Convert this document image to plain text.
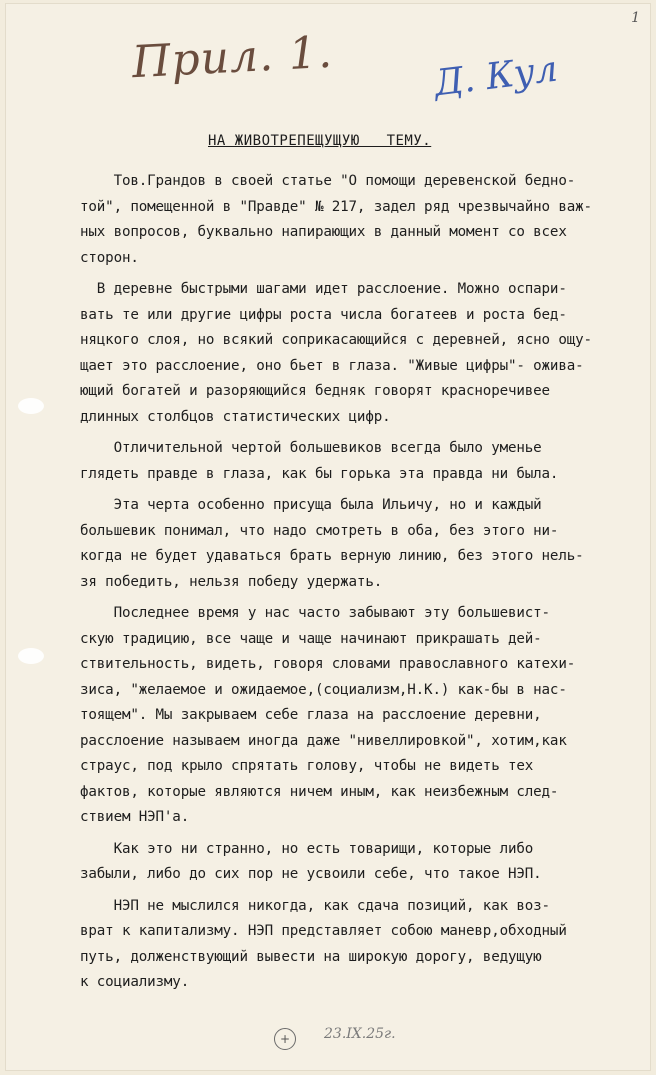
1
Прил. 1.	Д. Кул
НА ЖИВОТРЕПЕЩУЩУЮ   ТЕМУ.

Тов.Грандов в своей статье "О помощи деревенской бедно-
той", помещенной в "Правде" № 217, задел ряд чрезвычайно важ-
ных вопросов, буквально напирающих в данный момент со всех
сторон.

В деревне быстрыми шагами идет расслоение. Можно оспари-
вать те или другие цифры роста числа богатеев и роста бед-
няцкого слоя, но всякий соприкасающийся с деревней, ясно ощу-
щает это расслоение, оно бьет в глаза. "Живые цифры"- ожива-
ющий богатей и разоряющийся бедняк говорят красноречивее
длинных столбцов статистических цифр.

Отличительной чертой большевиков всегда было уменье
глядеть правде в глаза, как бы горька эта правда ни была.

Эта черта особенно присуща была Ильичу, но и каждый
большевик понимал, что надо смотреть в оба, без этого ни-
когда не будет удаваться брать верную линию, без этого нель-
зя победить, нельзя победу удержать.

Последнее время у нас часто забывают эту большевист-
скую традицию, все чаще и чаще начинают прикрашать дей-
ствительность, видеть, говоря словами православного катехи-
зиса, "желаемое и ожидаемое,(социализм,Н.К.) как-бы в нас-
тоящем". Мы закрываем себе глаза на расслоение деревни,
расслоение называем иногда даже "нивеллировкой", хотим,как
страус, под крыло спрятать голову, чтобы не видеть тех
фактов, которые являются ничем иным, как неизбежным след-
ствием НЭП'а.

Как это ни странно, но есть товарищи, которые либо
забыли, либо до сих пор не усвоили себе, что такое НЭП.

НЭП не мыслился никогда, как сдача позиций, как воз-
врат к капитализму. НЭП представляет собою маневр,обходный
путь, долженствующий вывести на широкую дорогу, ведущую
к социализму.

+	23.IX.25г.
